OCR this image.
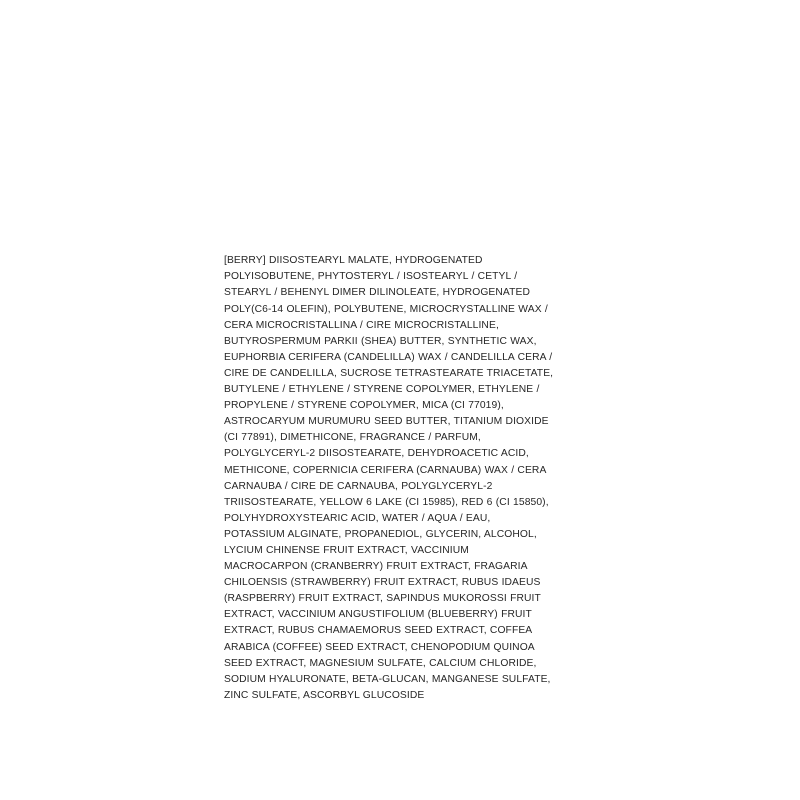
[BERRY] DIISOSTEARYL MALATE, HYDROGENATED POLYISOBUTENE, PHYTOSTERYL / ISOSTEARYL / CETYL / STEARYL / BEHENYL DIMER DILINOLEATE, HYDROGENATED POLY(C6-14 OLEFIN), POLYBUTENE, MICROCRYSTALLINE WAX / CERA MICROCRISTALLINA / CIRE MICROCRISTALLINE, BUTYROSPERMUM PARKII (SHEA) BUTTER, SYNTHETIC WAX, EUPHORBIA CERIFERA (CANDELILLA) WAX / CANDELILLA CERA / CIRE DE CANDELILLA, SUCROSE TETRASTEARATE TRIACETATE, BUTYLENE / ETHYLENE / STYRENE COPOLYMER, ETHYLENE / PROPYLENE / STYRENE COPOLYMER, MICA (CI 77019), ASTROCARYUM MURUMURU SEED BUTTER, TITANIUM DIOXIDE (CI 77891), DIMETHICONE, FRAGRANCE / PARFUM, POLYGLYCERYL-2 DIISOSTEARATE, DEHYDROACETIC ACID, METHICONE, COPERNICIA CERIFERA (CARNAUBA) WAX / CERA CARNAUBA / CIRE DE CARNAUBA, POLYGLYCERYL-2 TRIISOSTEARATE, YELLOW 6 LAKE (CI 15985), RED 6 (CI 15850), POLYHYDROXYSTEARIC ACID, WATER / AQUA / EAU, POTASSIUM ALGINATE, PROPANEDIOL, GLYCERIN, ALCOHOL, LYCIUM CHINENSE FRUIT EXTRACT, VACCINIUM MACROCARPON (CRANBERRY) FRUIT EXTRACT, FRAGARIA CHILOENSIS (STRAWBERRY) FRUIT EXTRACT, RUBUS IDAEUS (RASPBERRY) FRUIT EXTRACT, SAPINDUS MUKOROSSI FRUIT EXTRACT, VACCINIUM ANGUSTIFOLIUM (BLUEBERRY) FRUIT EXTRACT, RUBUS CHAMAEMORUS SEED EXTRACT, COFFEA ARABICA (COFFEE) SEED EXTRACT, CHENOPODIUM QUINOA SEED EXTRACT, MAGNESIUM SULFATE, CALCIUM CHLORIDE, SODIUM HYALURONATE, BETA-GLUCAN, MANGANESE SULFATE, ZINC SULFATE, ASCORBYL GLUCOSIDE
